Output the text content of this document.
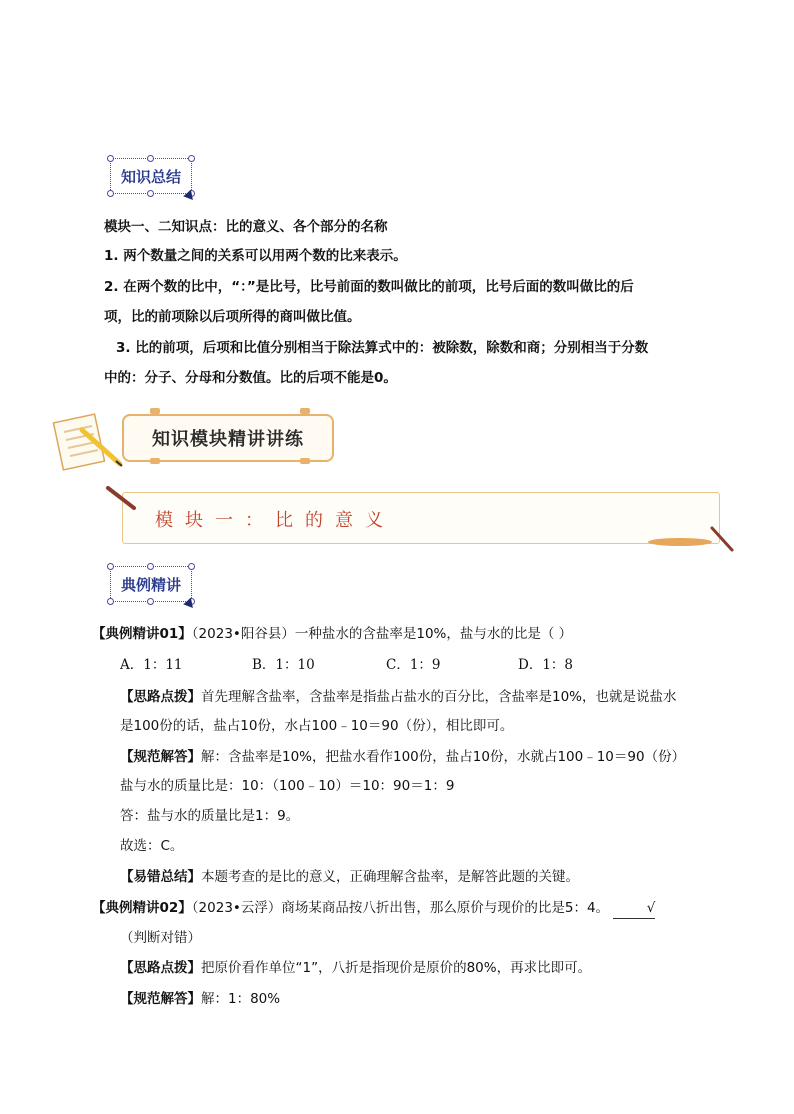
知识总结
模块一、二知识点：比的意义、各个部分的名称
1. 两个数量之间的关系可以用两个数的比来表示。
2. 在两个数的比中，“：”是比号，比号前面的数叫做比的前项，比号后面的数叫做比的后
项，比的前项除以后项所得的商叫做比值。
3. 比的前项，后项和比值分别相当于除法算式中的：被除数，除数和商；分别相当于分数
中的：分子、分母和分数值。比的后项不能是0。
知识模块精讲讲练
模块一：比的意义
典例精讲
【典例精讲01】（2023•阳谷县）一种盐水的含盐率是10%，盐与水的比是（ ）
A．1：11	B．1：10	C．1：9	D．1：8
【思路点拨】首先理解含盐率，含盐率是指盐占盐水的百分比，含盐率是10%，也就是说盐水
是100份的话，盐占10份，水占100﹣10＝90（份），相比即可。
【规范解答】解：含盐率是10%，把盐水看作100份，盐占10份，水就占100﹣10＝90（份）
盐与水的质量比是：10：（100﹣10）＝10：90＝1：9
答：盐与水的质量比是1：9。
故选：C。
【易错总结】本题考查的是比的意义，正确理解含盐率，是解答此题的关键。
【典例精讲02】（2023•云浮）商场某商品按八折出售，那么原价与现价的比是5：4。	√
（判断对错）
【思路点拨】把原价看作单位“1”，八折是指现价是原价的80%，再求比即可。
【规范解答】解：1：80%
